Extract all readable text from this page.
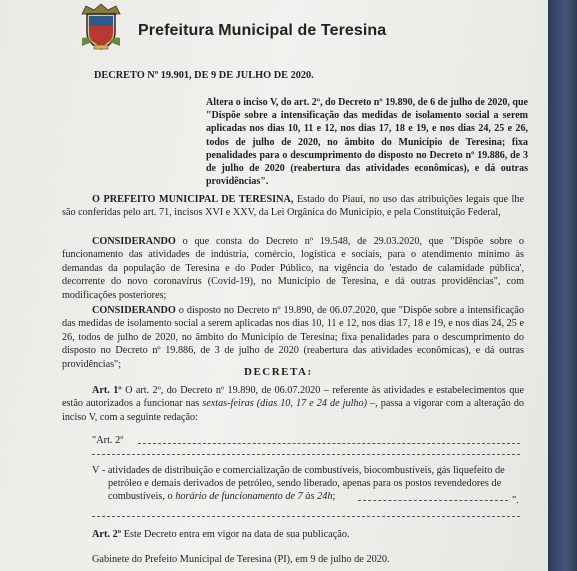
Prefeitura Municipal de Teresina
DECRETO Nº 19.901, DE 9 DE JULHO DE 2020.
Altera o inciso V, do art. 2º, do Decreto nº 19.890, de 6 de julho de 2020, que "Dispõe sobre a intensificação das medidas de isolamento social a serem aplicadas nos dias 10, 11 e 12, nos dias 17, 18 e 19, e nos dias 24, 25 e 26, todos de julho de 2020, no âmbito do Município de Teresina; fixa penalidades para o descumprimento do disposto no Decreto nº 19.886, de 3 de julho de 2020 (reabertura das atividades econômicas), e dá outras providências".
O PREFEITO MUNICIPAL DE TERESINA, Estado do Piauí, no uso das atribuições legais que lhe são conferidas pelo art. 71, incisos XVI e XXV, da Lei Orgânica do Município, e pela Constituição Federal,
CONSIDERANDO o que consta do Decreto nº 19.548, de 29.03.2020, que "Dispõe sobre o funcionamento das atividades de indústria, comércio, logística e sociais, para o atendimento mínimo às demandas da população de Teresina e do Poder Público, na vigência do 'estado de calamidade pública', decorrente do novo coronavírus (Covid-19), no Município de Teresina, e dá outras providências", com modificações posteriores;
CONSIDERANDO o disposto no Decreto nº 19.890, de 06.07.2020, que "Dispõe sobre a intensificação das medidas de isolamento social a serem aplicadas nos dias 10, 11 e 12, nos dias 17, 18 e 19, e nos dias 24, 25 e 26, todos de julho de 2020, no âmbito do Município de Teresina; fixa penalidades para o descumprimento do disposto no Decreto nº 19.886, de 3 de julho de 2020 (reabertura das atividades econômicas), e dá outras providências";
DECRETA:
Art. 1º O art. 2º, do Decreto nº 19.890, de 06.07.2020 – referente às atividades e estabelecimentos que estão autorizados a funcionar nas sextas-feiras (dias 10, 17 e 24 de julho) –, passa a vigorar com a alteração do inciso V, com a seguinte redação:
"Art. 2º
V - atividades de distribuição e comercialização de combustíveis, biocombustíveis, gás liquefeito de
petróleo e demais derivados de petróleo, sendo liberado, apenas para os postos revendedores de
combustíveis, o horário de funcionamento de 7 às 24h;	".
Art. 2º Este Decreto entra em vigor na data de sua publicação.
Gabinete do Prefeito Municipal de Teresina (PI), em 9 de julho de 2020.
